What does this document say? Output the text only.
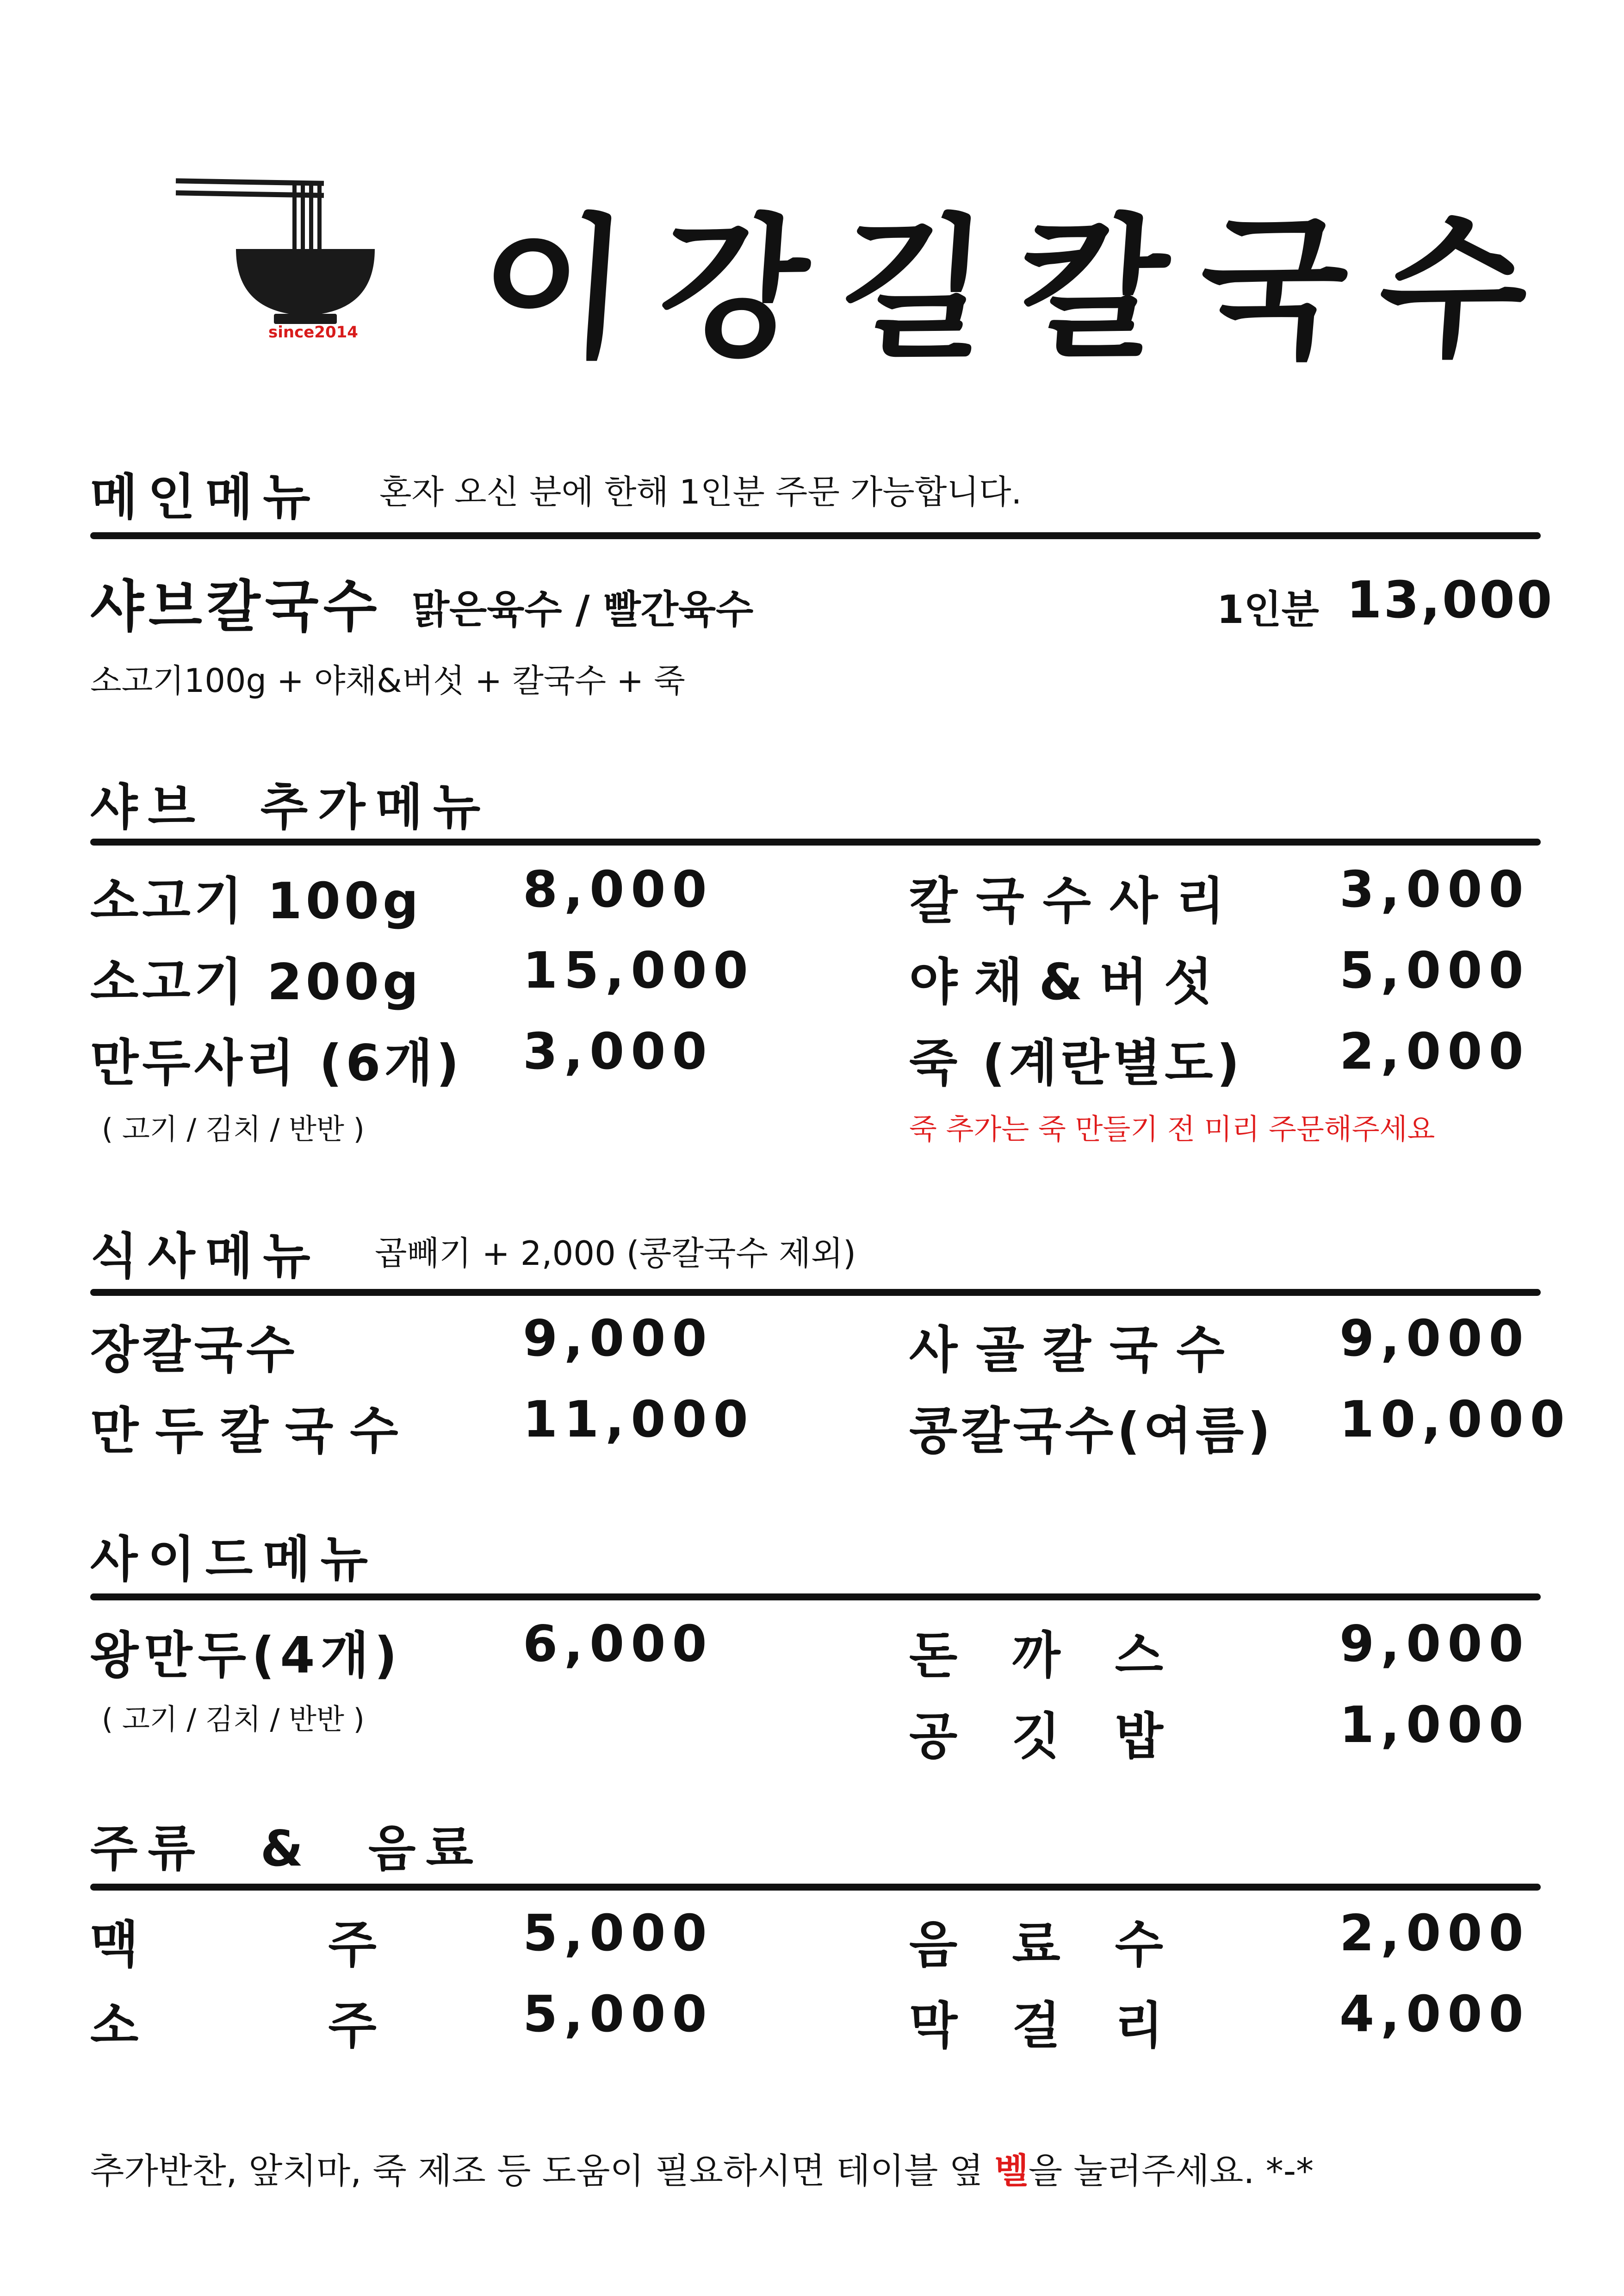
since2014 이강길칼국수
메인메뉴 혼자 오신 분에 한해 1인분 주문 가능합니다.
샤브칼국수 맑은육수 / 빨간육수	1인분 13,000
소고기100g + 야채&버섯 + 칼국수 + 죽
샤브 추가메뉴
소고기 100g 8,000
소고기 200g 15,000
만두사리 (6개) 3,000
( 고기 / 김치 / 반반 )
칼국수사리 3,000
야채&버섯 5,000
죽 (계란별도) 2,000
죽 추가는 죽 만들기 전 미리 주문해주세요
식사메뉴 곱빼기 + 2,000 (콩칼국수 제외)
장칼국수	9,000
만두칼국수 11,000
사골칼국수 9,000
콩칼국수(여름) 10,000
사이드메뉴
왕만두(4개) 6,000
( 고기 / 김치 / 반반 )
돈까스 9,000
공깃밥 1,000
주류 & 음료
맥주
5,000
소주
5,000
음료수 2,000
막걸리 4,000
추가반찬, 앞치마, 죽 제조 등 도움이 필요하시면 테이블 옆 벨을 눌러주세요. *-*
